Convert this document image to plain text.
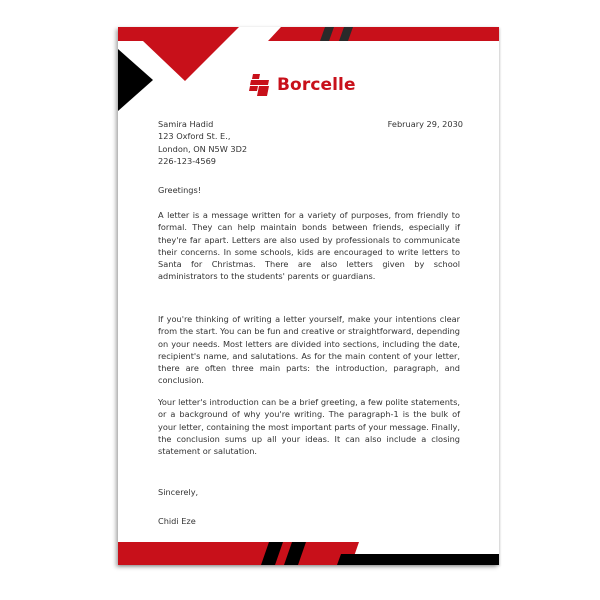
Borcelle
Samira Hadid
123 Oxford St. E.,
London, ON N5W 3D2
226-123-4569
February 29, 2030
Greetings!
A letter is a message written for a variety of purposes, from friendly to formal. They can help maintain bonds between friends, especially if they're far apart. Letters are also used by professionals to communicate their concerns. In some schools, kids are encouraged to write letters to Santa for Christmas. There are also letters given by school administrators to the students' parents or guardians.
If you're thinking of writing a letter yourself, make your intentions clear from the start. You can be fun and creative or straightforward, depending on your needs. Most letters are divided into sections, including the date, recipient's name, and salutations. As for the main content of your letter, there are often three main parts: the introduction, paragraph, and conclusion.
Your letter's introduction can be a brief greeting, a few polite statements, or a background of why you're writing. The paragraph-1 is the bulk of your letter, containing the most important parts of your message. Finally, the conclusion sums up all your ideas. It can also include a closing statement or salutation.
Sincerely,
Chidi Eze
